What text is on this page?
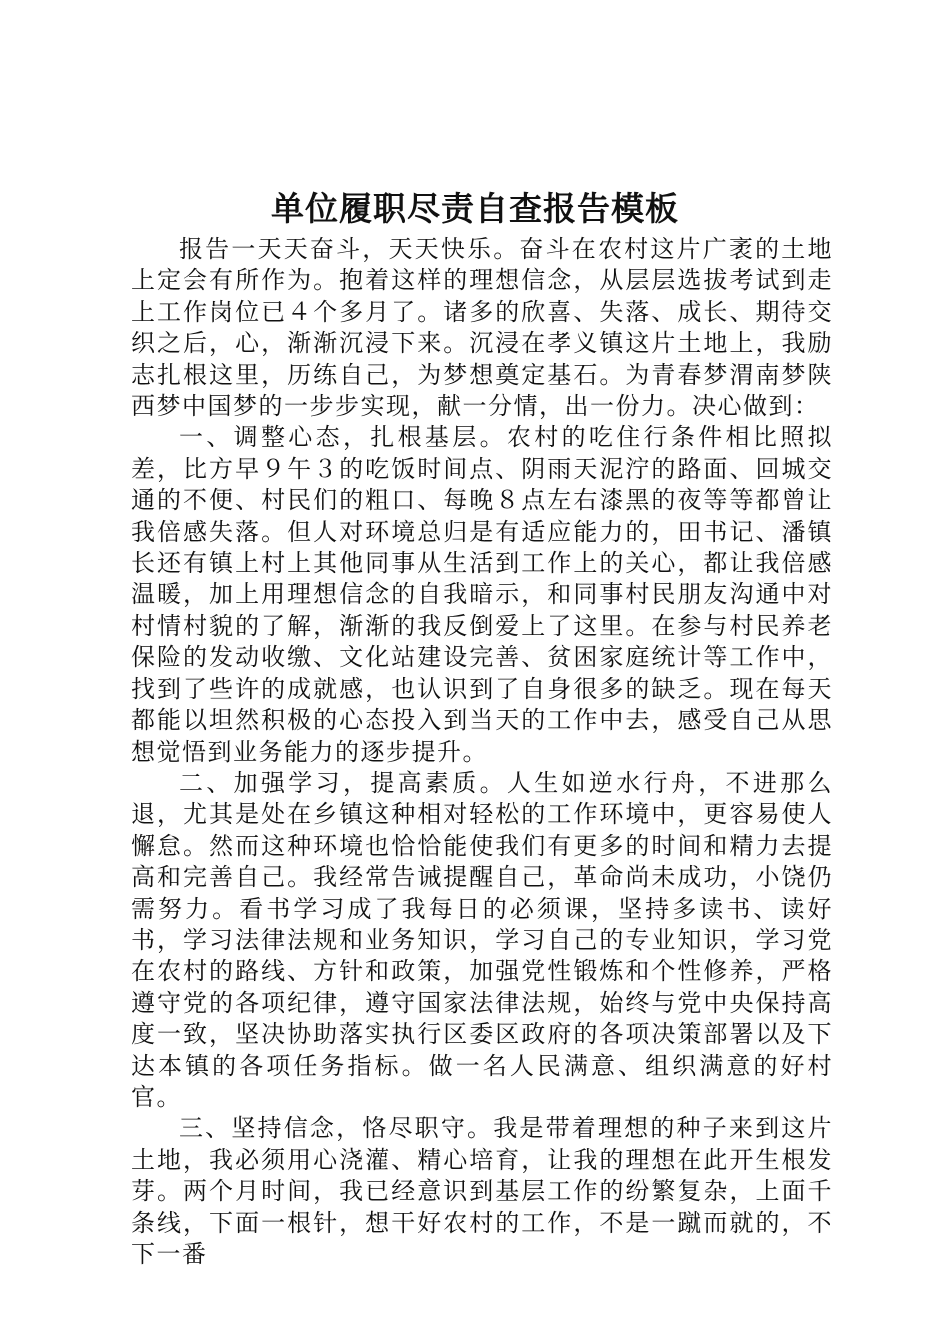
单位履职尽责自查报告模板

报告一天天奋斗，天天快乐。奋斗在农村这片广袤的土地上定会有所作为。抱着这样的理想信念，从层层选拔考试到走上工作岗位已４个多月了。诸多的欣喜、失落、成长、期待交织之后，心，渐渐沉浸下来。沉浸在孝义镇这片土地上，我励志扎根这里，历练自己，为梦想奠定基石。为青春梦渭南梦陕西梦中国梦的一步步实现，献一分情，出一份力。决心做到：

一、调整心态，扎根基层。农村的吃住行条件相比照拟差，比方早９午３的吃饭时间点、阴雨天泥泞的路面、回城交通的不便、村民们的粗口、每晚８点左右漆黑的夜等等都曾让我倍感失落。但人对环境总归是有适应能力的，田书记、潘镇长还有镇上村上其他同事从生活到工作上的关心，都让我倍感温暖，加上用理想信念的自我暗示，和同事村民朋友沟通中对村情村貌的了解，渐渐的我反倒爱上了这里。在参与村民养老保险的发动收缴、文化站建设完善、贫困家庭统计等工作中，找到了些许的成就感，也认识到了自身很多的缺乏。现在每天都能以坦然积极的心态投入到当天的工作中去，感受自己从思想觉悟到业务能力的逐步提升。

二、加强学习，提高素质。人生如逆水行舟，不进那么退，尤其是处在乡镇这种相对轻松的工作环境中，更容易使人懈怠。然而这种环境也恰恰能使我们有更多的时间和精力去提高和完善自己。我经常告诫提醒自己，革命尚未成功，小饶仍需努力。看书学习成了我每日的必须课，坚持多读书、读好书，学习法律法规和业务知识，学习自己的专业知识，学习党在农村的路线、方针和政策，加强党性锻炼和个性修养，严格遵守党的各项纪律，遵守国家法律法规，始终与党中央保持高度一致，坚决协助落实执行区委区政府的各项决策部署以及下达本镇的各项任务指标。做一名人民满意、组织满意的好村官。

三、坚持信念，恪尽职守。我是带着理想的种子来到这片土地，我必须用心浇灌、精心培育，让我的理想在此开生根发芽。两个月时间，我已经意识到基层工作的纷繁复杂，上面千条线，下面一根针，想干好农村的工作，不是一蹴而就的，不下一番
